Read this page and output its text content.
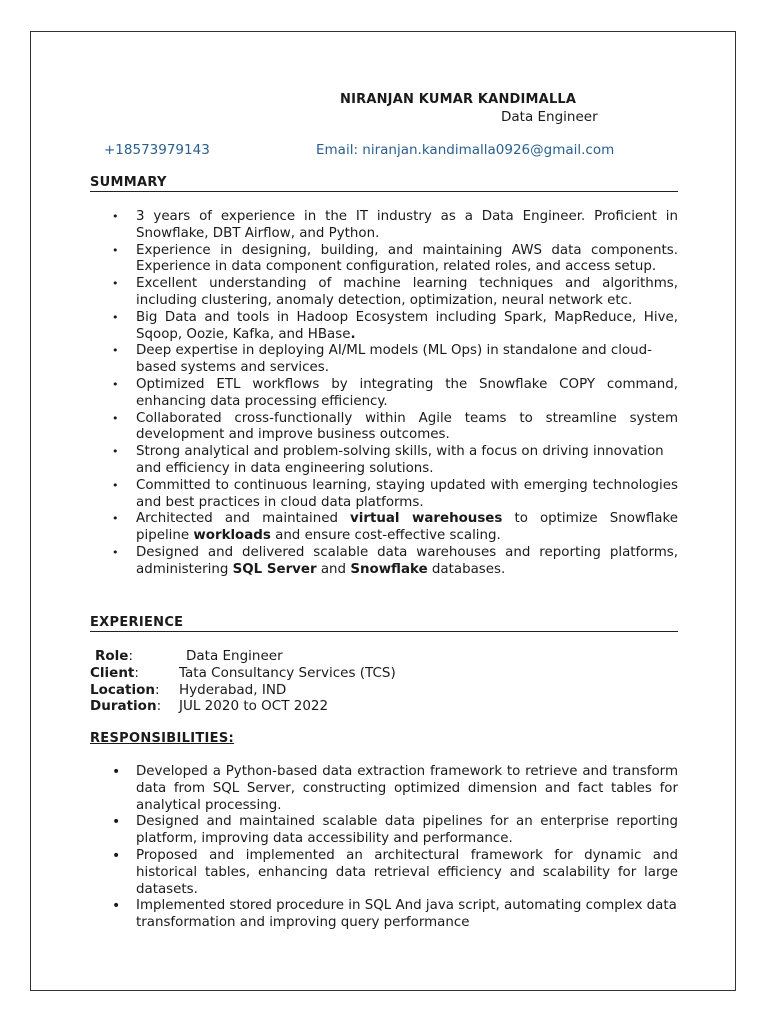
NIRANJAN KUMAR KANDIMALLA
Data Engineer
+18573979143	Email: niranjan.kandimalla0926@gmail.com
SUMMARY
• 3 years of experience in the IT industry as a Data Engineer. Proficient in Snowflake, DBT Airflow, and Python.
• Experience in designing, building, and maintaining AWS data components. Experience in data component configuration, related roles, and access setup.
• Excellent understanding of machine learning techniques and algorithms, including clustering, anomaly detection, optimization, neural network etc.
• Big Data and tools in Hadoop Ecosystem including Spark, MapReduce, Hive, Sqoop, Oozie, Kafka, and HBase.
• Deep expertise in deploying AI/ML models (ML Ops) in standalone and cloud-based systems and services.
• Optimized ETL workflows by integrating the Snowflake COPY command, enhancing data processing efficiency.
• Collaborated cross-functionally within Agile teams to streamline system development and improve business outcomes.
• Strong analytical and problem-solving skills, with a focus on driving innovation and efficiency in data engineering solutions.
• Committed to continuous learning, staying updated with emerging technologies and best practices in cloud data platforms.
• Architected and maintained virtual warehouses to optimize Snowflake pipeline workloads and ensure cost-effective scaling.
• Designed and delivered scalable data warehouses and reporting platforms, administering SQL Server and Snowflake databases.
EXPERIENCE
Role:	Data Engineer
Client:	Tata Consultancy Services (TCS)
Location: Hyderabad, IND
Duration: JUL 2020 to OCT 2022
RESPONSIBILITIES:
• Developed a Python-based data extraction framework to retrieve and transform data from SQL Server, constructing optimized dimension and fact tables for analytical processing.
• Designed and maintained scalable data pipelines for an enterprise reporting platform, improving data accessibility and performance.
• Proposed and implemented an architectural framework for dynamic and historical tables, enhancing data retrieval efficiency and scalability for large datasets.
• Implemented stored procedure in SQL And java script, automating complex data transformation and improving query performance
